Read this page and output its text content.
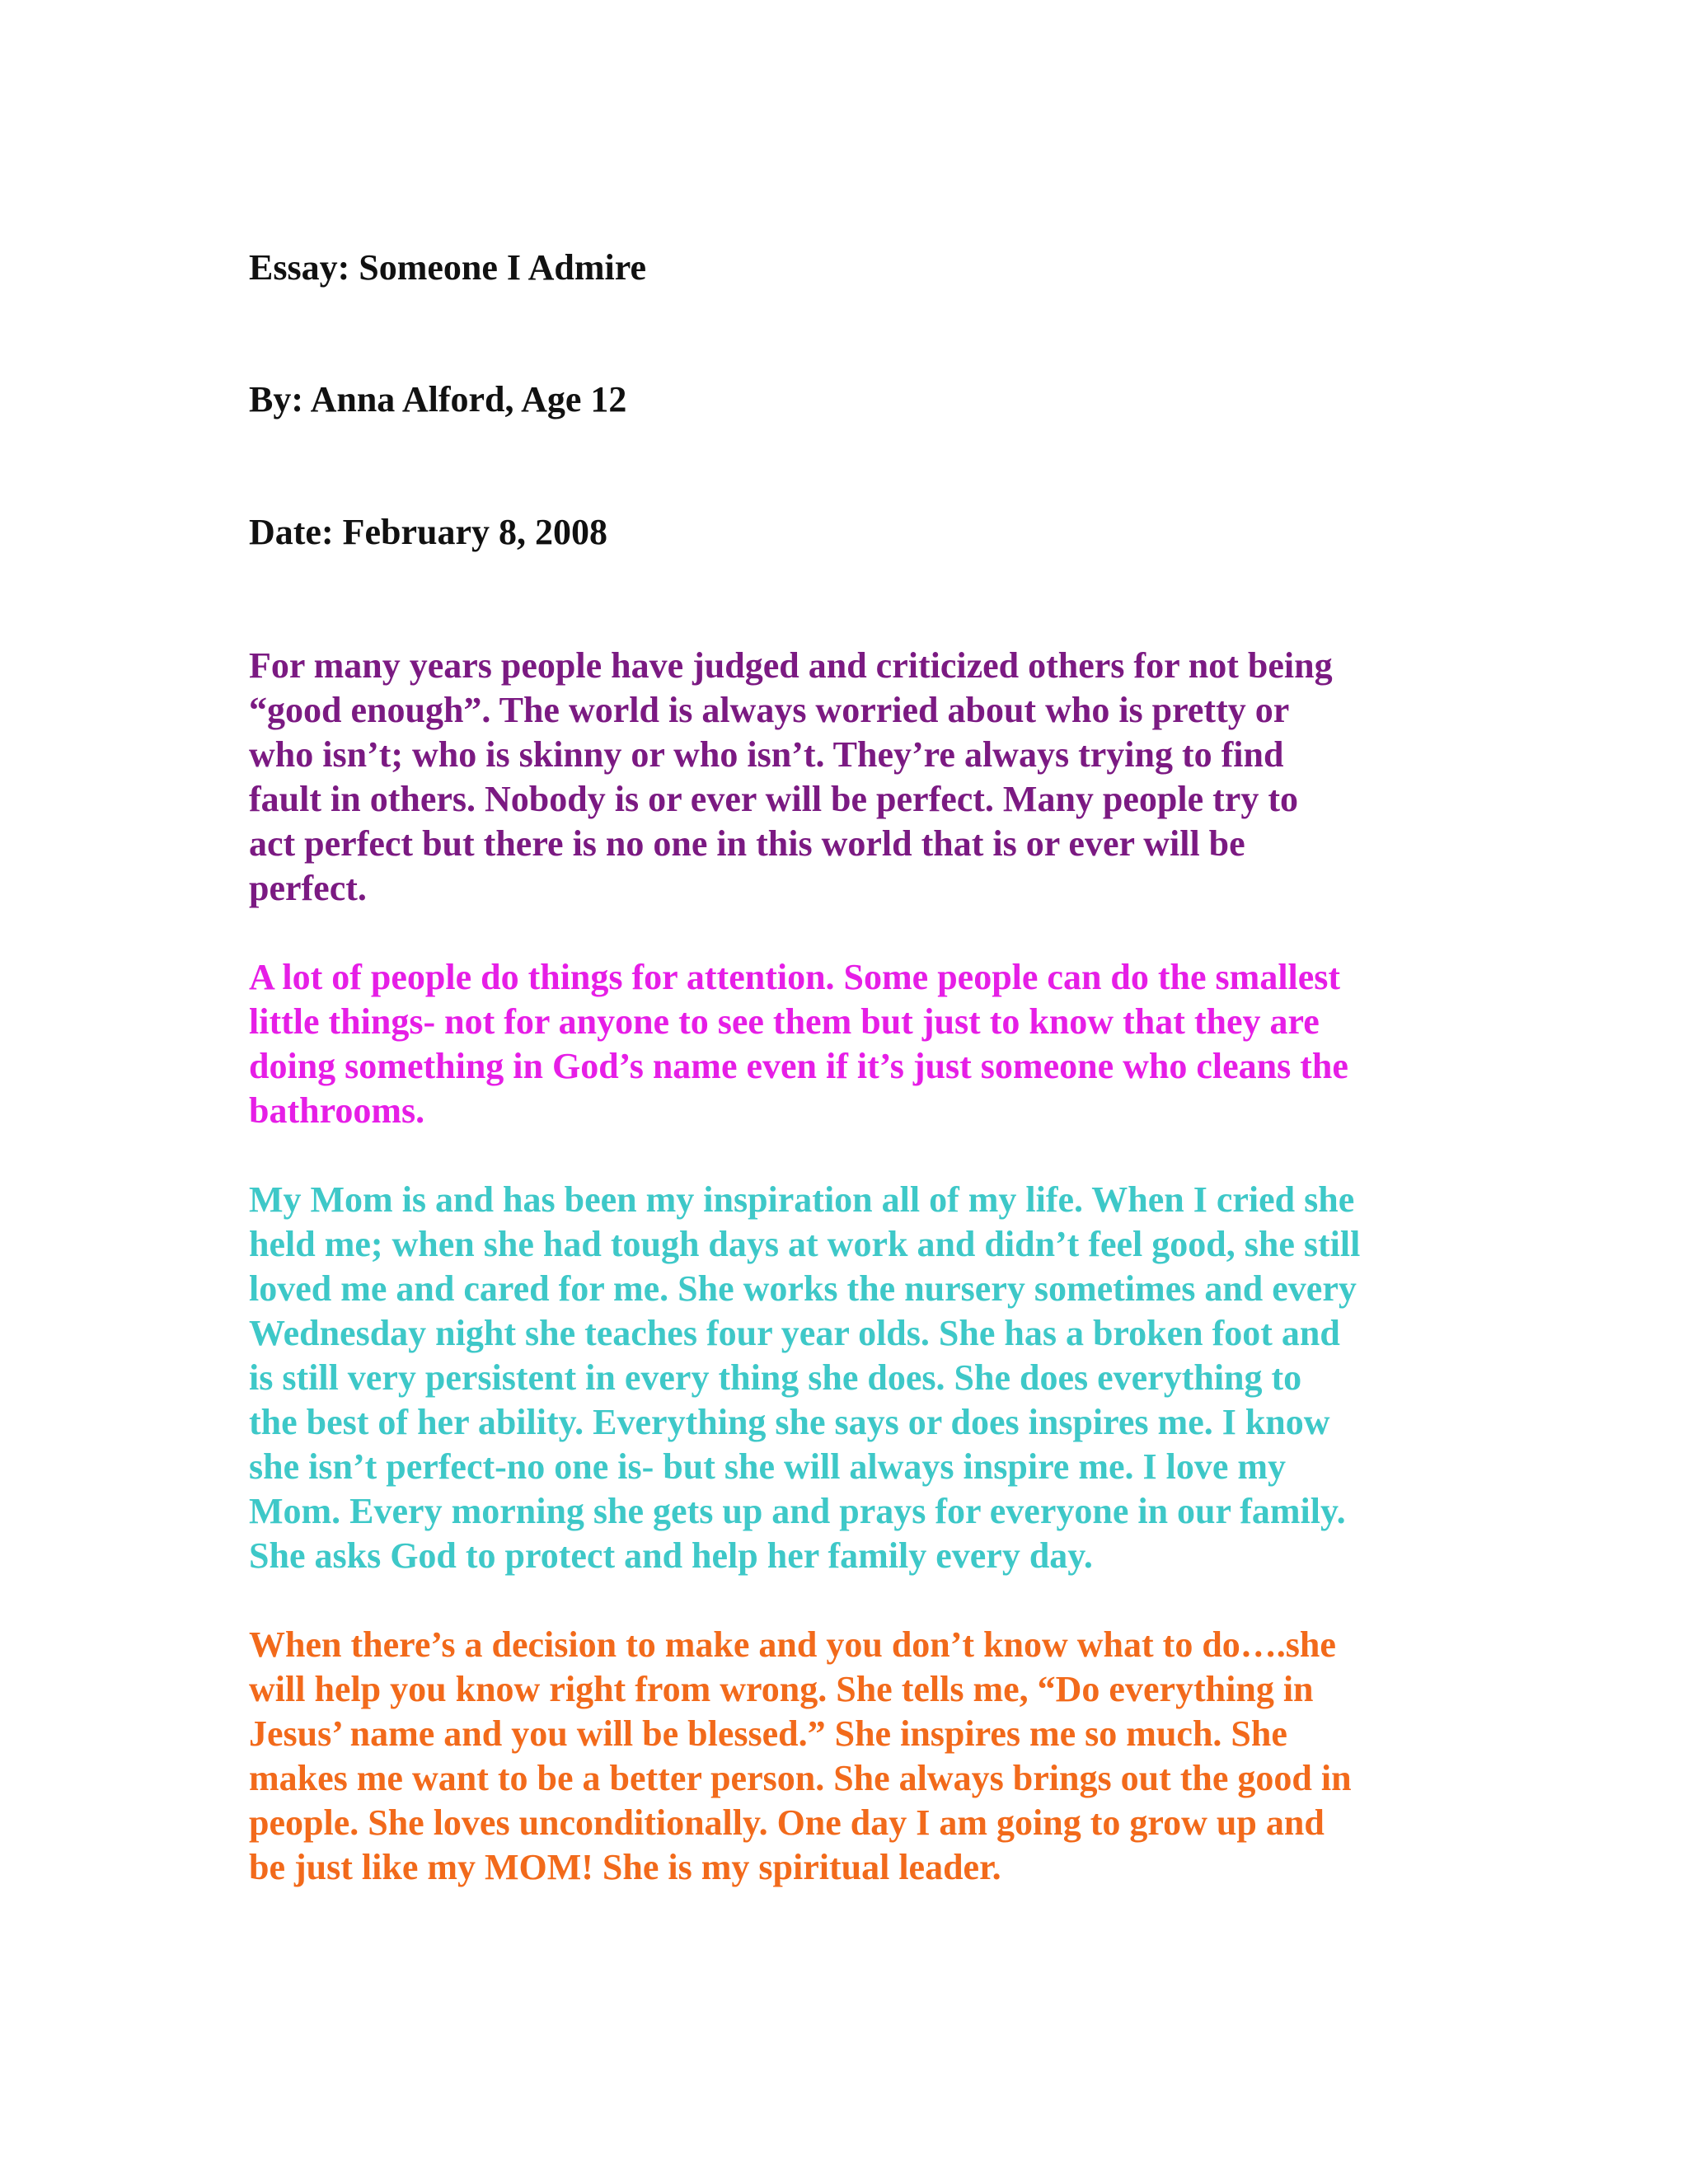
Essay: Someone I Admire

By: Anna Alford, Age 12

Date: February 8, 2008

For many years people have judged and criticized others for not being
“good enough”. The world is always worried about who is pretty or
who isn’t; who is skinny or who isn’t. They’re always trying to find
fault in others. Nobody is or ever will be perfect. Many people try to
act perfect but there is no one in this world that is or ever will be
perfect.

A lot of people do things for attention. Some people can do the smallest
little things- not for anyone to see them but just to know that they are
doing something in God’s name even if it’s just someone who cleans the
bathrooms.

My Mom is and has been my inspiration all of my life. When I cried she
held me; when she had tough days at work and didn’t feel good, she still
loved me and cared for me. She works the nursery sometimes and every
Wednesday night she teaches four year olds. She has a broken foot and
is still very persistent in every thing she does. She does everything to
the best of her ability. Everything she says or does inspires me. I know
she isn’t perfect-no one is- but she will always inspire me. I love my
Mom. Every morning she gets up and prays for everyone in our family.
She asks God to protect and help her family every day.

When there’s a decision to make and you don’t know what to do….she
will help you know right from wrong. She tells me, “Do everything in
Jesus’ name and you will be blessed.” She inspires me so much. She
makes me want to be a better person. She always brings out the good in
people. She loves unconditionally. One day I am going to grow up and
be just like my MOM! She is my spiritual leader.
